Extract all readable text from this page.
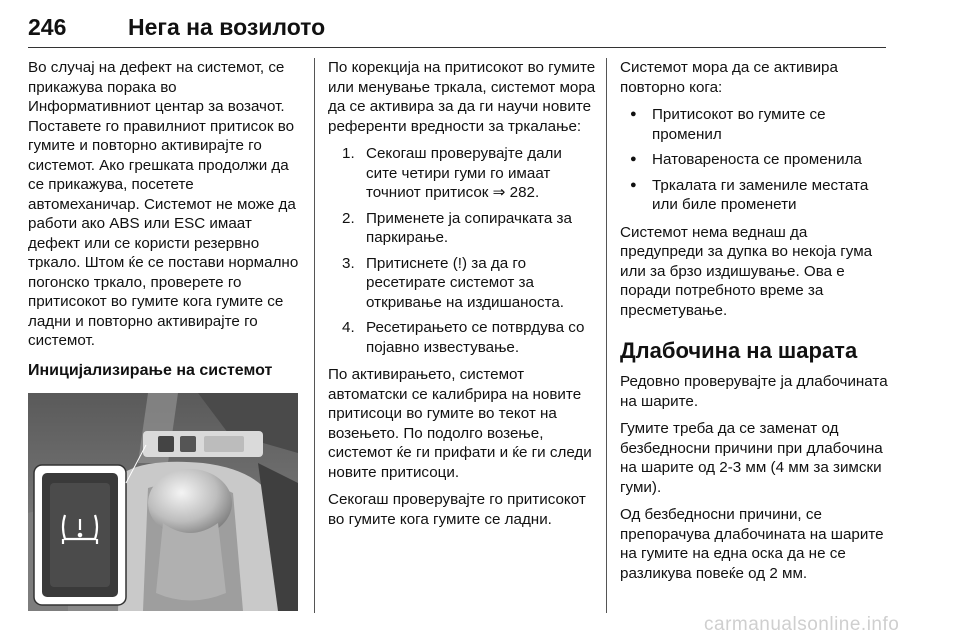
246	Нега на возилото

Во случај на дефект на системот, се прикажува порака во Информативниот центар за возачот. Поставете го правилниот притисок во гумите и повторно активирајте го системот. Ако грешката продолжи да се прикажува, посетете автомеханичар. Системот не може да работи ако ABS или ESC имаат дефект или се користи резервно тркало. Штом ќе се постави нормално погонско тркало, проверете го притисокот во гумите кога гумите се ладни и повторно активирајте го системот.

Иницијализирање на системот

По корекција на притисокот во гумите или менување тркала, системот мора да се активира за да ги научи новите референти вредности за тркалање:

1. Секогаш проверувајте дали сите четири гуми го имаат точниот притисок ⇒ 282.
2. Применете ја сопирачката за паркирање.
3. Притиснете (!) за да го ресетирате системот за откривање на издишаноста.
4. Ресетирањето се потврдува со појавно известување.

По активирањето, системот автоматски се калибрира на новите притисоци во гумите во текот на возењето. По подолго возење, системот ќе ги прифати и ќе ги следи новите притисоци.

Секогаш проверувајте го притисокот во гумите кога гумите се ладни.

Системот мора да се активира повторно кога:

● Притисокот во гумите се променил
● Натовареноста се променила
● Тркалата ги замениле местата или биле променети

Системот нема веднаш да предупреди за дупка во некоја гума или за брзо издишување. Ова е поради потребното време за пресметување.

Длабочина на шарата

Редовно проверувајте ја длабочината на шарите.

Гумите треба да се заменат од безбедносни причини при длабочина на шарите од 2-3 мм (4 мм за зимски гуми).

Од безбедносни причини, се препорачува длабочината на шарите на гумите на една оска да не се разликува повеќе од 2 мм.

carmanualsonline.info
